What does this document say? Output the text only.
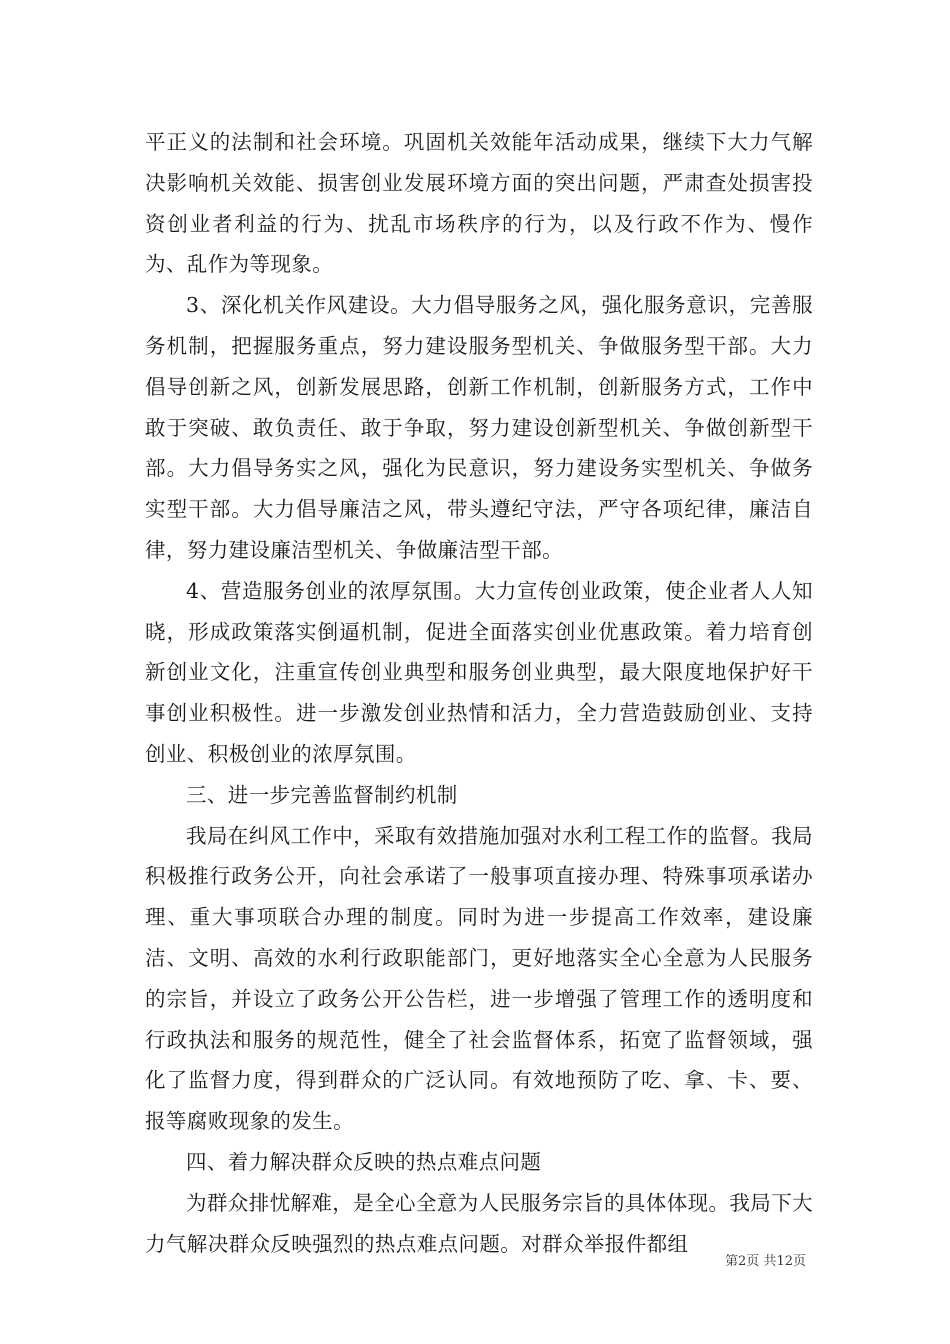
平正义的法制和社会环境。巩固机关效能年活动成果，继续下大力气解决影响机关效能、损害创业发展环境方面的突出问题，严肃查处损害投资创业者利益的行为、扰乱市场秩序的行为，以及行政不作为、慢作为、乱作为等现象。

3、深化机关作风建设。大力倡导服务之风，强化服务意识，完善服务机制，把握服务重点，努力建设服务型机关、争做服务型干部。大力倡导创新之风，创新发展思路，创新工作机制，创新服务方式，工作中敢于突破、敢负责任、敢于争取，努力建设创新型机关、争做创新型干部。大力倡导务实之风，强化为民意识，努力建设务实型机关、争做务实型干部。大力倡导廉洁之风，带头遵纪守法，严守各项纪律，廉洁自律，努力建设廉洁型机关、争做廉洁型干部。

4、营造服务创业的浓厚氛围。大力宣传创业政策，使企业者人人知晓，形成政策落实倒逼机制，促进全面落实创业优惠政策。着力培育创新创业文化，注重宣传创业典型和服务创业典型，最大限度地保护好干事创业积极性。进一步激发创业热情和活力，全力营造鼓励创业、支持创业、积极创业的浓厚氛围。

三、进一步完善监督制约机制

我局在纠风工作中，采取有效措施加强对水利工程工作的监督。我局积极推行政务公开，向社会承诺了一般事项直接办理、特殊事项承诺办理、重大事项联合办理的制度。同时为进一步提高工作效率，建设廉洁、文明、高效的水利行政职能部门，更好地落实全心全意为人民服务的宗旨，并设立了政务公开公告栏，进一步增强了管理工作的透明度和行政执法和服务的规范性，健全了社会监督体系，拓宽了监督领域，强化了监督力度，得到群众的广泛认同。有效地预防了吃、拿、卡、要、报等腐败现象的发生。

四、着力解决群众反映的热点难点问题

为群众排忧解难，是全心全意为人民服务宗旨的具体体现。我局下大力气解决群众反映强烈的热点难点问题。对群众举报件都组

第2页 共12页
